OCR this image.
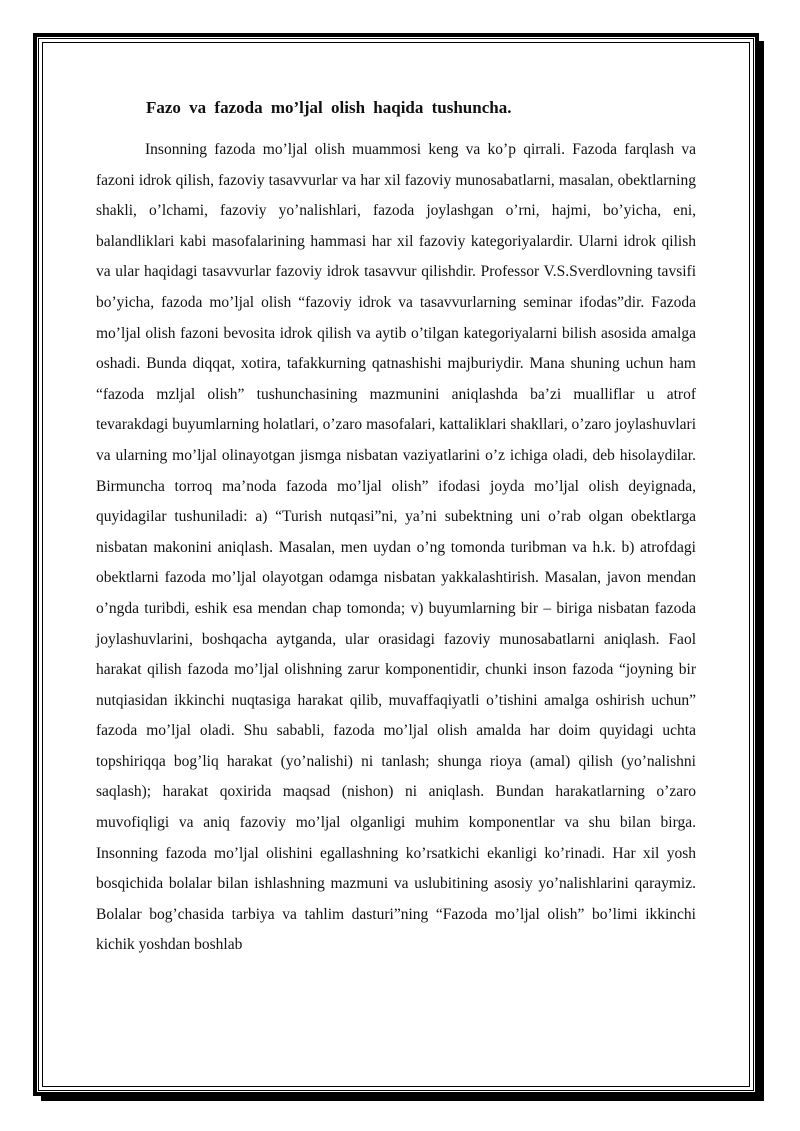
Fazo va fazoda mo’ljal olish haqida tushuncha.

Insonning fazoda mo’ljal olish muammosi keng va ko’p qirrali. Fazoda farqlash va fazoni idrok qilish, fazoviy tasavvurlar va har xil fazoviy munosabatlarni, masalan, obektlarning shakli, o’lchami, fazoviy yo’nalishlari, fazoda joylashgan o’rni, hajmi, bo’yicha, eni, balandliklari kabi masofalarining hammasi har xil fazoviy kategoriyalardir. Ularni idrok qilish va ular haqidagi tasavvurlar fazoviy idrok tasavvur qilishdir. Professor V.S.Sverdlovning tavsifi bo’yicha, fazoda mo’ljal olish “fazoviy idrok va tasavvurlarning seminar ifodas”dir. Fazoda mo’ljal olish fazoni bevosita idrok qilish va aytib o’tilgan kategoriyalarni bilish asosida amalga oshadi. Bunda diqqat, xotira, tafakkurning qatnashishi majburiydir. Mana shuning uchun ham “fazoda mzljal olish” tushunchasining mazmunini aniqlashda ba’zi mualliflar u atrof tevarakdagi buyumlarning holatlari, o’zaro masofalari, kattaliklari shakllari, o’zaro joylashuvlari va ularning mo’ljal olinayotgan jismga nisbatan vaziyatlarini o’z ichiga oladi, deb hisolaydilar. Birmuncha torroq ma’noda fazoda mo’ljal olish” ifodasi joyda mo’ljal olish deyignada, quyidagilar tushuniladi: a) “Turish nutqasi”ni, ya’ni subektning uni o’rab olgan obektlarga nisbatan makonini aniqlash. Masalan, men uydan o’ng tomonda turibman va h.k. b) atrofdagi obektlarni fazoda mo’ljal olayotgan odamga nisbatan yakkalashtirish. Masalan, javon mendan o’ngda turibdi, eshik esa mendan chap tomonda; v) buyumlarning bir – biriga nisbatan fazoda joylashuvlarini, boshqacha aytganda, ular orasidagi fazoviy munosabatlarni aniqlash. Faol harakat qilish fazoda mo’ljal olishning zarur komponentidir, chunki inson fazoda “joyning bir nutqiasidan ikkinchi nuqtasiga harakat qilib, muvaffaqiyatli o’tishini amalga oshirish uchun” fazoda mo’ljal oladi. Shu sababli, fazoda mo’ljal olish amalda har doim quyidagi uchta topshiriqqa bog’liq harakat (yo’nalishi) ni tanlash; shunga rioya (amal) qilish (yo’nalishni saqlash); harakat qoxirida maqsad (nishon) ni aniqlash. Bundan harakatlarning o’zaro muvofiqligi va aniq fazoviy mo’ljal olganligi muhim komponentlar va shu bilan birga. Insonning fazoda mo’ljal olishini egallashning ko’rsatkichi ekanligi ko’rinadi. Har xil yosh bosqichida bolalar bilan ishlashning mazmuni va uslubitining asosiy yo’nalishlarini qaraymiz. Bolalar bog’chasida tarbiya va tahlim dasturi”ning “Fazoda mo’ljal olish” bo’limi ikkinchi kichik yoshdan boshlab
